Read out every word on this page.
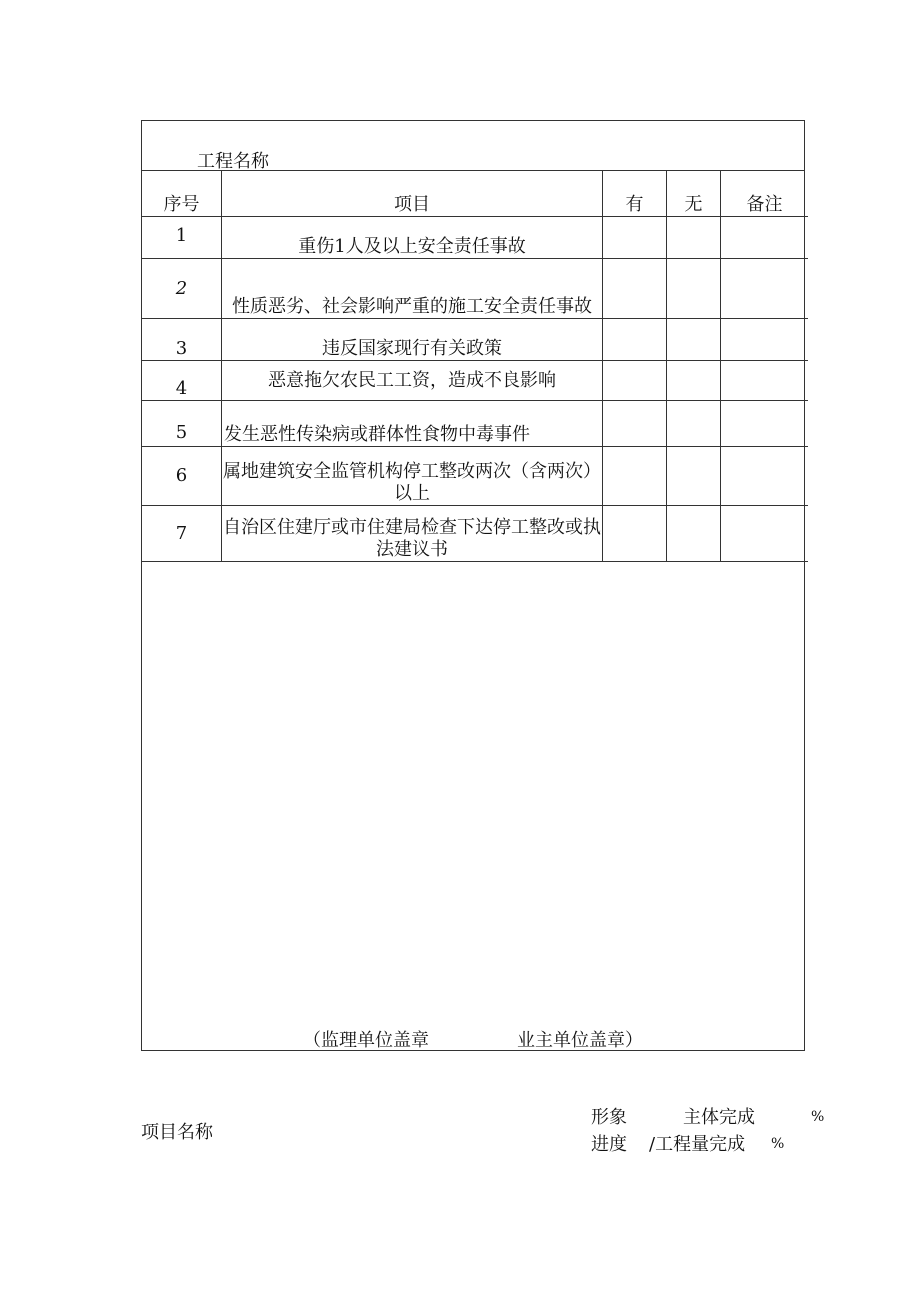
工程名称
序号	项目	有	无	备注
1	重伤1人及以上安全责任事故			
2	性质恶劣、社会影响严重的施工安全责任事故			
3	违反国家现行有关政策			
4	恶意拖欠农民工工资，造成不良影响			
5	发生恶性传染病或群体性食物中毒事件			
6	属地建筑安全监管机构停工整改两次（含两次）以上			
7	自治区住建厅或市住建局检查下达停工整改或执法建议书			
（监理单位盖章	业主单位盖章）
项目名称
形象	主体完成	%
进度 /工程量完成 %
